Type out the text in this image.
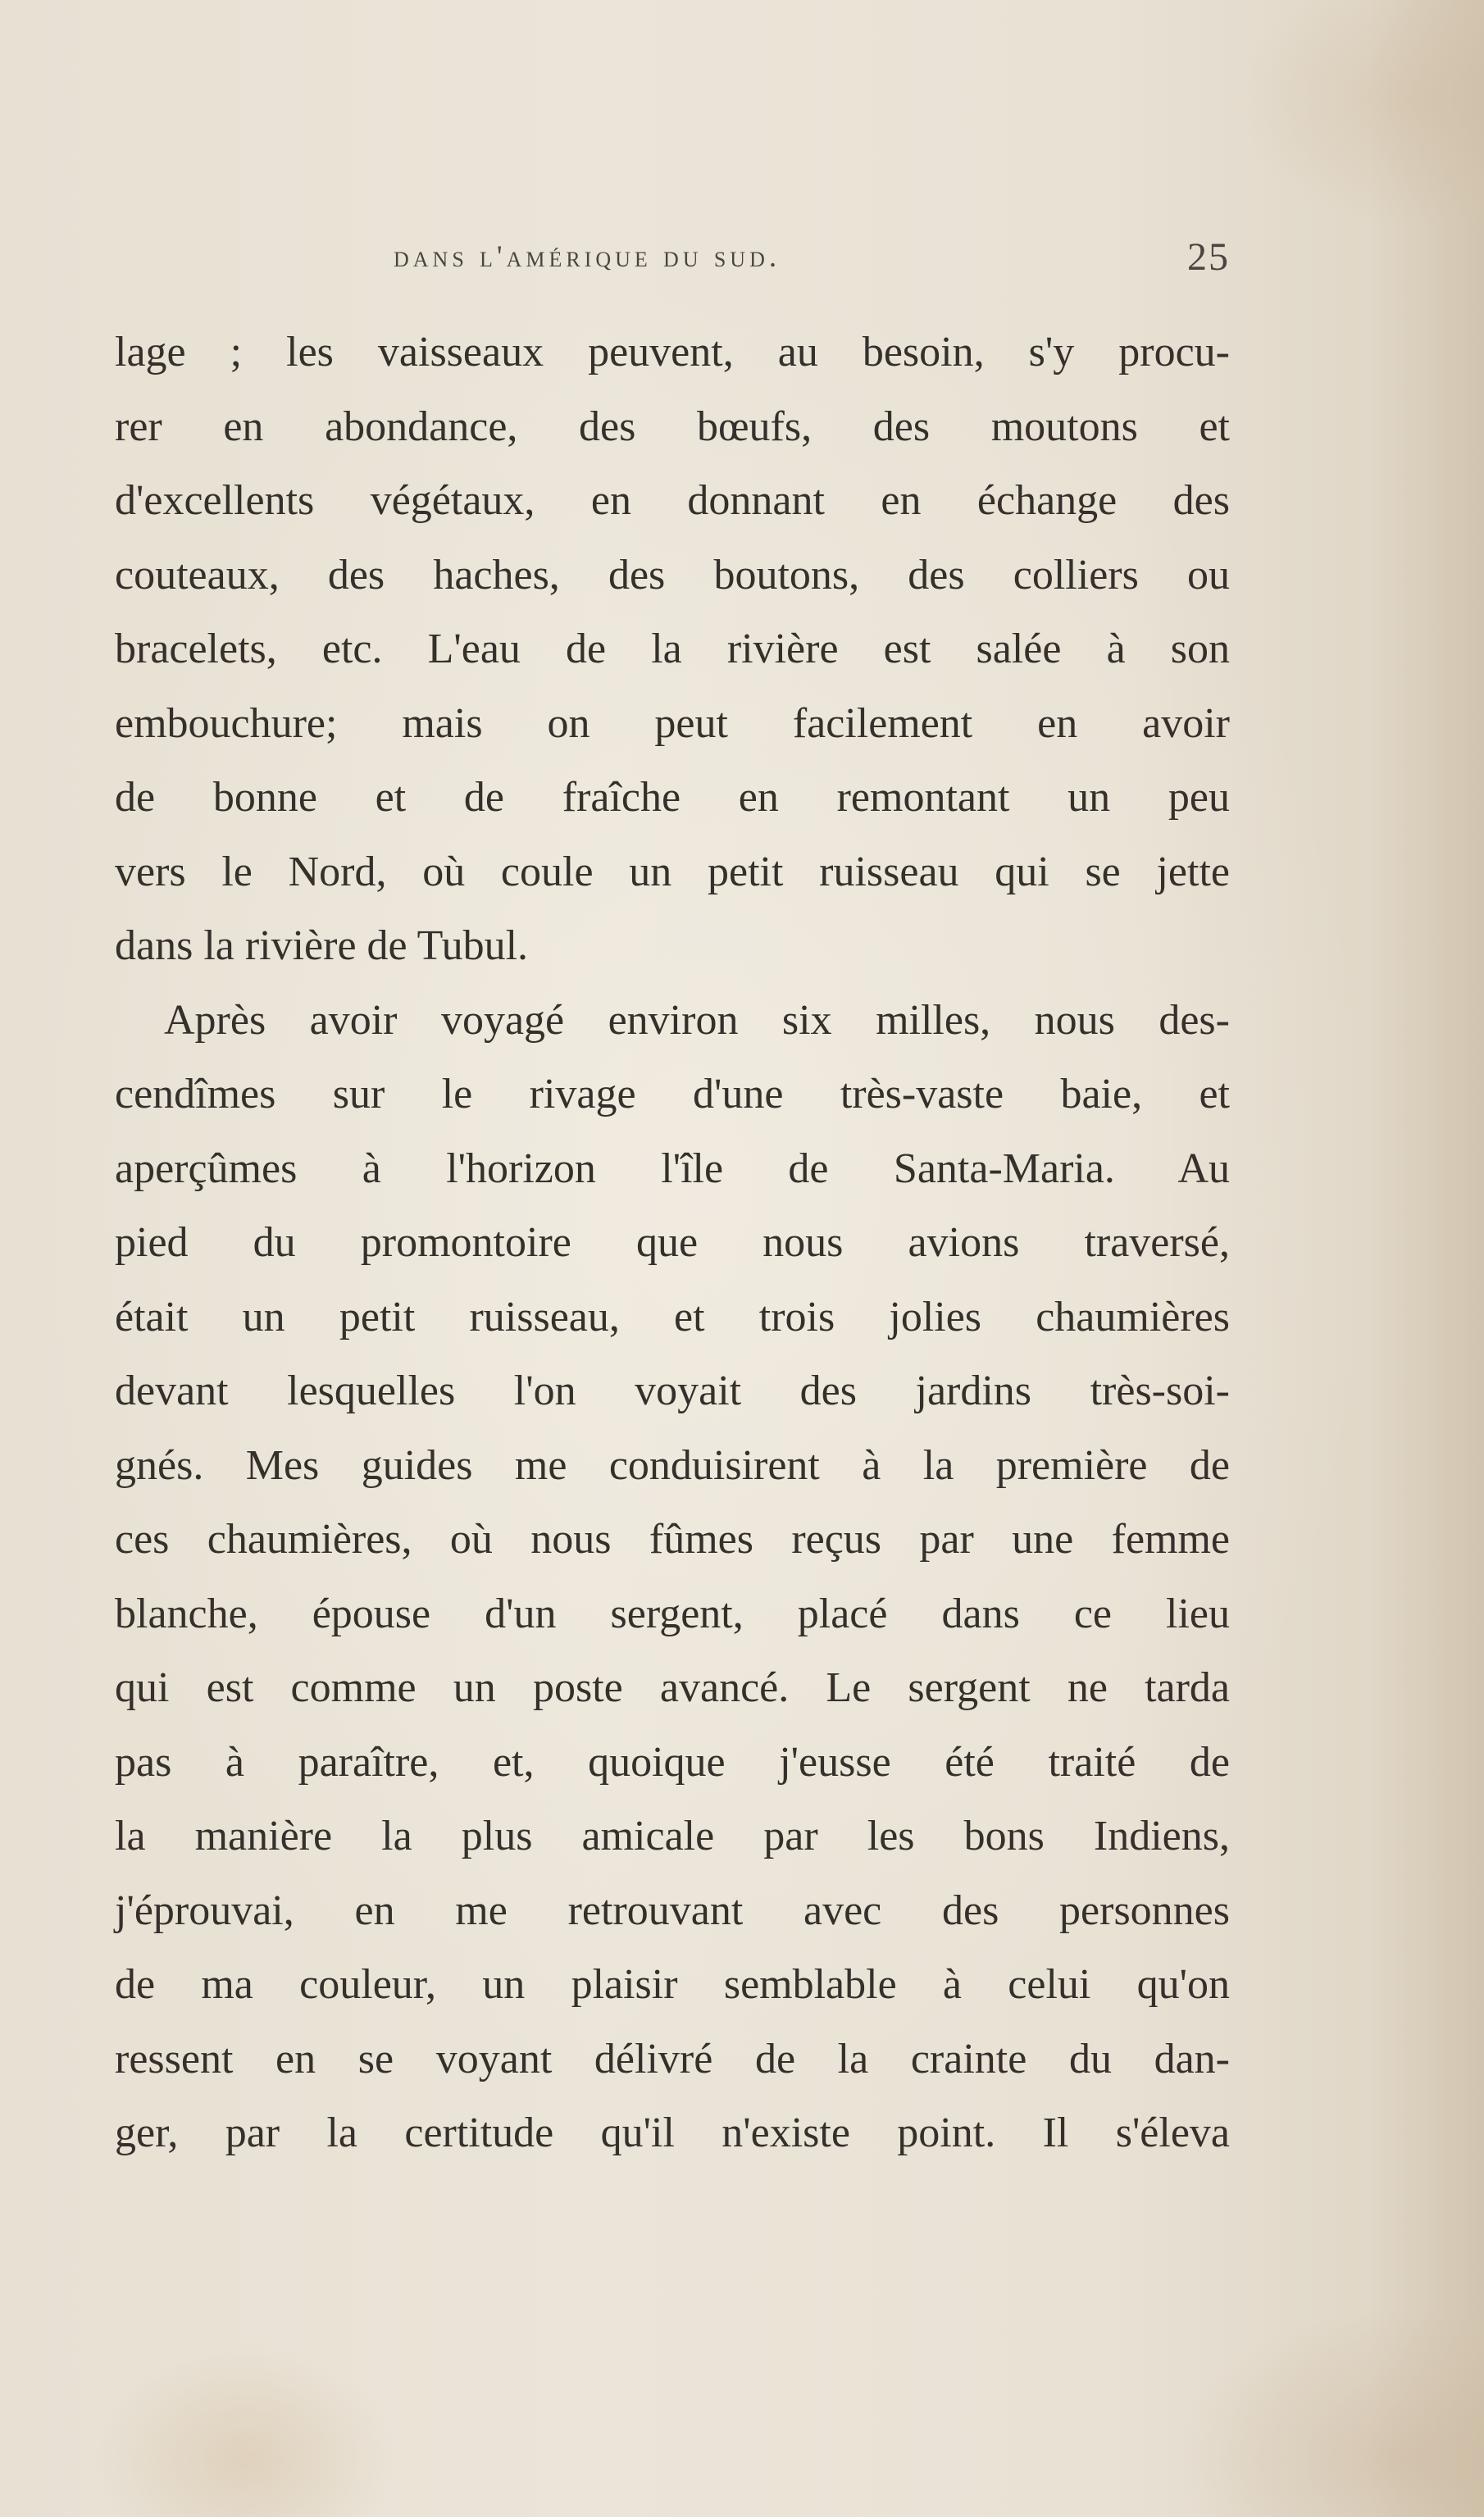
dans l'amérique du sud.	25
lage ; les vaisseaux peuvent, au besoin, s'y procu-
rer en abondance, des bœufs, des moutons et
d'excellents végétaux, en donnant en échange des
couteaux, des haches, des boutons, des colliers ou
bracelets, etc. L'eau de la rivière est salée à son
embouchure; mais on peut facilement en avoir
de bonne et de fraîche en remontant un peu
vers le Nord, où coule un petit ruisseau qui se jette
dans la rivière de Tubul.
Après avoir voyagé environ six milles, nous des-
cendîmes sur le rivage d'une très-vaste baie, et
aperçûmes à l'horizon l'île de Santa-Maria. Au
pied du promontoire que nous avions traversé,
était un petit ruisseau, et trois jolies chaumières
devant lesquelles l'on voyait des jardins très-soi-
gnés. Mes guides me conduisirent à la première de
ces chaumières, où nous fûmes reçus par une femme
blanche, épouse d'un sergent, placé dans ce lieu
qui est comme un poste avancé. Le sergent ne tarda
pas à paraître, et, quoique j'eusse été traité de
la manière la plus amicale par les bons Indiens,
j'éprouvai, en me retrouvant avec des personnes
de ma couleur, un plaisir semblable à celui qu'on
ressent en se voyant délivré de la crainte du dan-
ger, par la certitude qu'il n'existe point. Il s'éleva
